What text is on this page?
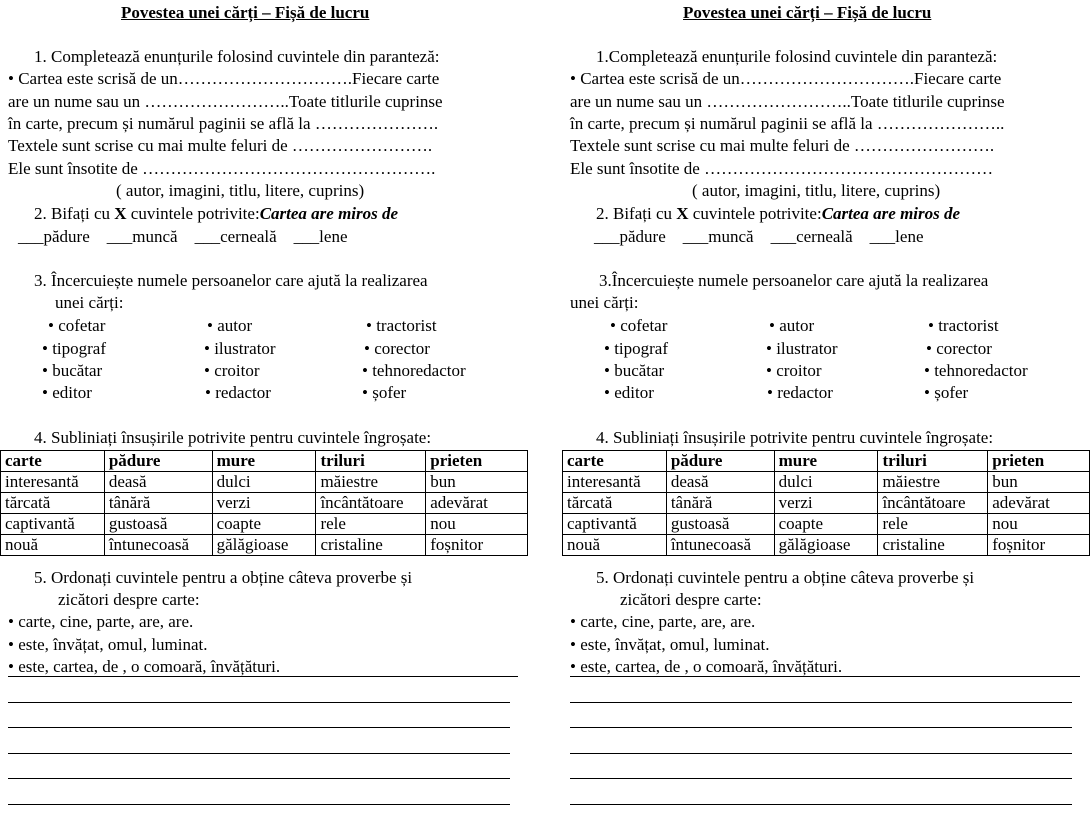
Povestea unei cărți – Fișă de lucru
1. Completează enunțurile folosind cuvintele din paranteză:
• Cartea este scrisă de un………………………….Fiecare carte
are un nume sau un ……………………..Toate titlurile cuprinse
în carte, precum și numărul paginii se află la ………………….
Textele sunt scrise cu mai multe feluri de …………………….
Ele sunt însotite de …………………………………………….
( autor, imagini, titlu, litere, cuprins)
2. Bifați cu X cuvintele potrivite:Cartea are miros de
___pădure    ___muncă    ___cerneală    ___lene
3. Încercuiește numele persoanelor care ajută la realizarea
unei cărți:
• cofetar
• tipograf
• bucătar
• editor
• autor
• ilustrator
• croitor
• redactor
• tractorist
• corector
• tehnoredactor
• șofer
4. Subliniați însușirile potrivite pentru cuvintele îngroșate:
carte	pădure	mure	triluri	prieten
interesantă	deasă	dulci	măiestre	bun
tărcată	tânără	verzi	încântătoare	adevărat
captivantă	gustoasă	coapte	rele	nou
nouă	întunecoasă	gălăgioase	cristaline	foșnitor
5. Ordonați cuvintele pentru a obține câteva proverbe și
zicători despre carte:
• carte, cine, parte, are, are.
• este, învățat, omul, luminat.
• este, cartea, de , o comoară, învățături.
Povestea unei cărți – Fișă de lucru
1.Completează enunțurile folosind cuvintele din paranteză:
• Cartea este scrisă de un………………………….Fiecare carte
are un nume sau un ……………………..Toate titlurile cuprinse
în carte, precum și numărul paginii se află la …………………..
Textele sunt scrise cu mai multe feluri de …………………….
Ele sunt însotite de ……………………………………………
( autor, imagini, titlu, litere, cuprins)
2. Bifați cu X cuvintele potrivite:Cartea are miros de
___pădure    ___muncă    ___cerneală    ___lene
3.Încercuiește numele persoanelor care ajută la realizarea
unei cărți:
• cofetar
• tipograf
• bucătar
• editor
• autor
• ilustrator
• croitor
• redactor
• tractorist
• corector
• tehnoredactor
• șofer
4. Subliniați însușirile potrivite pentru cuvintele îngroșate:
carte	pădure	mure	triluri	prieten
interesantă	deasă	dulci	măiestre	bun
tărcată	tânără	verzi	încântătoare	adevărat
captivantă	gustoasă	coapte	rele	nou
nouă	întunecoasă	gălăgioase	cristaline	foșnitor
5. Ordonați cuvintele pentru a obține câteva proverbe și
zicători despre carte:
• carte, cine, parte, are, are.
• este, învățat, omul, luminat.
• este, cartea, de , o comoară, învățături.
